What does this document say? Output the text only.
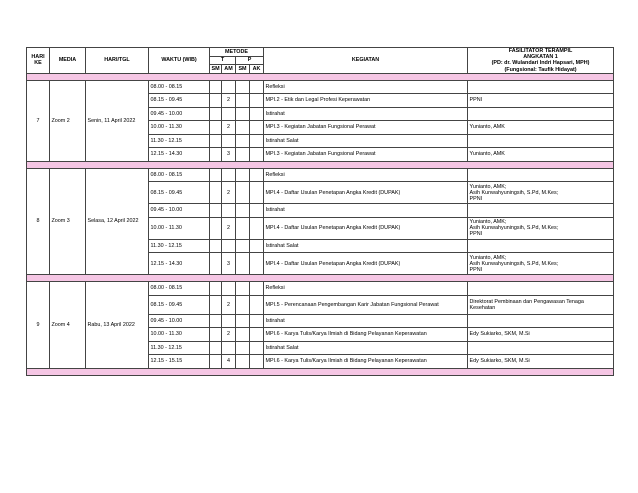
HARI KE	MEDIA	HARI/TGL	WAKTU (WIB)	METODE				KEGIATAN	FASILITATOR TERAMPIL
ANGKATAN 1
(PD: dr. Wulandari Indri Hapsari, MPH)
(Fungsional: Taufik Hidayat)

				T		P			
				SM	AM	SM	AK		

7	Zoom 2	Senin, 11 April 2022	08.00 - 08.15					Refleksi	
			08.15 - 09.45		2			MPI.2 - Etik dan Legal Profesi Keperawatan	PPNI
			09.45 - 10.00					Istirahat	
			10.00 - 11.30		2			MPI.3 - Kegiatan Jabatan Fungsional Perawat	Yunianto, AMK
			11.30 - 12.15					Istirahat Salat	
			12.15 - 14.30		3			MPI.3 - Kegiatan Jabatan Fungsional Perawat	Yunianto, AMK

8	Zoom 3	Selasa, 12 April 2022	08.00 - 08.15					Refleksi	
			08.15 - 09.45		2			MPI.4 - Daftar Usulan Penetapan Angka Kredit (DUPAK)	Yunianto, AMK;
Asih Kunwahyuningsih, S.Pd, M.Kes;
PPNI
			09.45 - 10.00					Istirahat	
			10.00 - 11.30		2			MPI.4 - Daftar Usulan Penetapan Angka Kredit (DUPAK)	Yunianto, AMK;
Asih Kunwahyuningsih, S.Pd, M.Kes;
PPNI
			11.30 - 12.15					Istirahat Salat	
			12.15 - 14.30		3			MPI.4 - Daftar Usulan Penetapan Angka Kredit (DUPAK)	Yunianto, AMK;
Asih Kunwahyuningsih, S.Pd, M.Kes;
PPNI

9	Zoom 4	Rabu, 13 April 2022	08.00 - 08.15					Refleksi	
			08.15 - 09.45		2			MPI.5 - Perencanaan Pengembangan Karir Jabatan Fungsional Perawat	Direktorat Pembinaan dan Pengawasan Tenaga
Kesehatan
			09.45 - 10.00					Istirahat	
			10.00 - 11.30		2			MPI.6 - Karya Tulis/Karya Ilmiah di Bidang Pelayanan Keperawatan	Edy Sukiarko, SKM, M.Si
			11.30 - 12.15					Istirahat Salat	
			12.15 - 15.15		4			MPI.6 - Karya Tulis/Karya Ilmiah di Bidang Pelayanan Keperawatan	Edy Sukiarko, SKM, M.Si
